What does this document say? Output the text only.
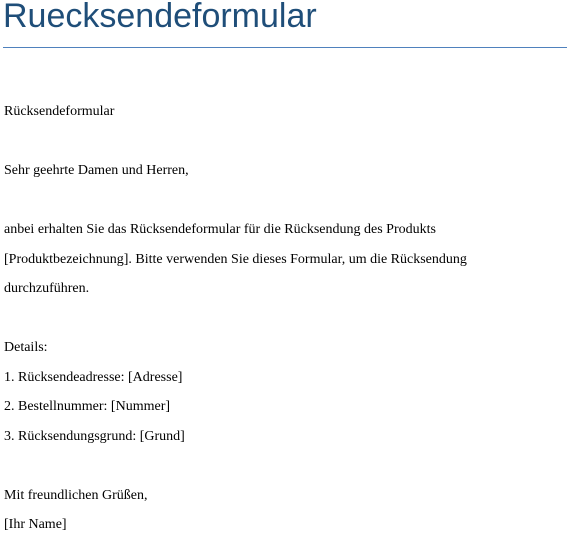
Ruecksendeformular

Rücksendeformular

Sehr geehrte Damen und Herren,

anbei erhalten Sie das Rücksendeformular für die Rücksendung des Produkts

[Produktbezeichnung]. Bitte verwenden Sie dieses Formular, um die Rücksendung

durchzuführen.

Details:

1. Rücksendeadresse: [Adresse]
2. Bestellnummer: [Nummer]
3. Rücksendungsgrund: [Grund]

Mit freundlichen Grüßen,

[Ihr Name]
